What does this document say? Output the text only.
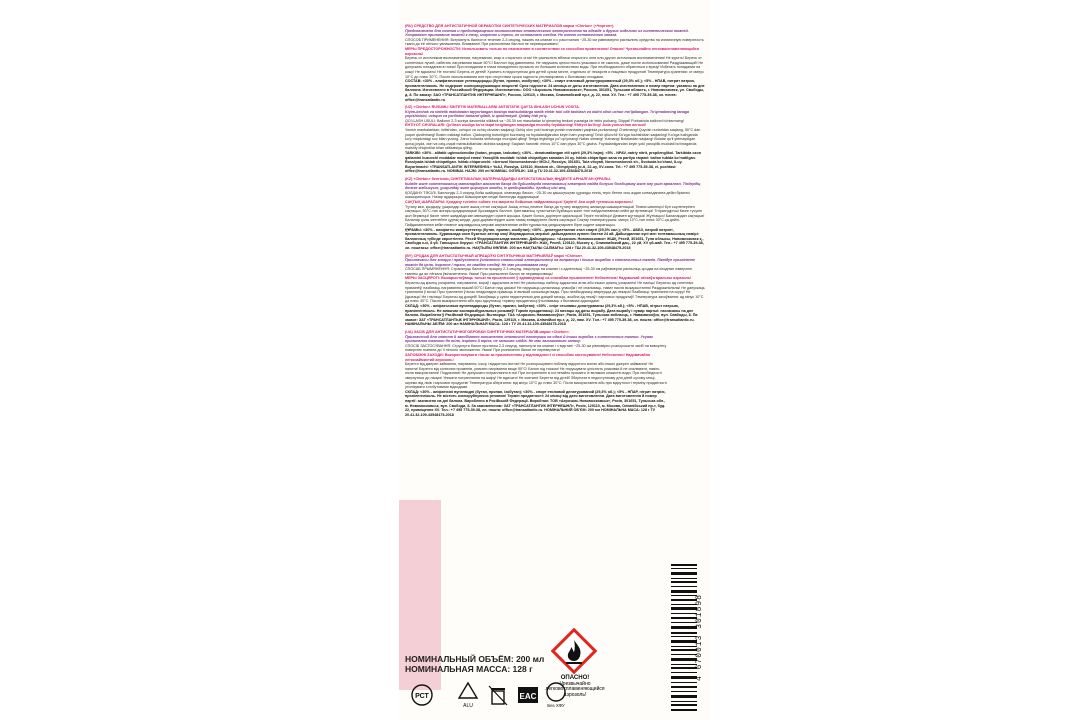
(RU) СРЕДСТВО ДЛЯ АНТИСТАТИЧНОЙ ОБРАБОТКИ СИНТЕТИЧЕСКИХ МАТЕРИАЛОВ марки «Chirton» («Чиртон»).

Предназначено для снятия и предотвращения возникновения статического электричества на одежде и других изделиях из синтетических тканей. Устраняет прилипание тканей к телу, искрение и треск, не оставляет следов. Не имеет остаточного запаха.

СПОСОБ ПРИМЕНЕНИЯ: Встряхнуть баллон в течение 2-3 секунд, нажать на клапан и с расстояния ~25-30 см равномерно распылить средство на изнаночную поверхность ткани до её лёгкого увлажнения. Внимание! При распылении баллон не переворачивать!

МЕРЫ ПРЕДОСТОРОЖНОСТИ: Использовать только по назначению в соответствии со способом применения! Опасно! Чрезвычайно легковоспламеняющийся аэрозоль!

Беречь от источников воспламенения, нагревания, искр и открытого огня! Не распылять вблизи открытого огня или других источников воспламенения! Не курить! Беречь от солнечных лучей, избегать нагревания выше 50°С! Баллон под давлением. Не нарушать целостность упаковки и не сжигать, даже после использования! Раздражающий! Не допускать попадания в глаза! При попадании в глаза немедленно промыть их большим количеством воды. При необходимости обратиться к врачу! Избегать попадания на кожу! Не вдыхать! Не глотать! Беречь от детей! Хранить в недоступном для детей сухом месте, отдельно от лекарств и пищевых продуктов! Температура хранения: от минус 10°С до плюс 30°С. После использования или при отсутствии срока годности утилизировать с бытовыми отходами.

СОСТАВ: <30% - алифатические углеводороды (бутан, пропан, изобутан); <30% - спирт этиловый денатурированный (29,3% об.); <5% - НПАВ, нитрит натрия, пропиленгликоль. Не содержит озоноразрушающих веществ! Срок годности: 24 месяца от даты изготовления. Дата изготовления и номер партии: указаны на дне баллона. Изготовлено в Российской Федерации. Изготовитель: ООО «Аэрозоль Новомосковск», Россия, 301651, Тульская область, г. Новомосковск, ул. Свободы, д. 8. По заказу: ЗАО «ТРАНСАТЛАНТИК ИНТЕРНЕШНЛ», Россия, 129110, г. Москва, Олимпийский пр-т, д. 22, пом. XV. Тел.: +7 495 775-39-38, эл. почта: office@transatlantic.ru

(UZ) «Chirton» RUSUMLI SINTETIK MATERIALLARNI ANTISTATIK QAYTA ISHLASH UCHUN VOSITA.

Kiyim-kechak va sintetik matolardan tayyorlangan boshqa mahsulotlarga statik elektr toki olib tashlash va oldini olish uchun mo'ljallangan. To'qimalarning tanaga yopishishini, uchqun va yorilishni bartaraf qiladi, iz qoldirmaydi. Qoldiq hidi yo'q.

QO'LLASH USULI: Ballonni 2-3 soniya davomida silkitadi va ~25-30 sm masofadan to'qimaning teskari yuzasiga bir tekis purkang. Diqqat! Purkashda ballonni to'ntarmang!

EHTIYOT CHORALARI: Qo'llash usuliga ko'ra faqat belgilangan maqsadga muvofiq foydalaning! Ehtiyot bo'ling! Juda yonuvchan aerozol!

Yonish manbalaridan, isitishdan, uchqun va ochiq olovdan saqlang! Ochiq olov yoki boshqa yonish manbalari yaqinida purkamang! Chekmang! Quyosh nurlaridan saqlang, 50°C dan yuqori qizdirmang! Bosim ostidagi ballon. Qadoqning butunligini buzmang va foydalanilgandan keyin ham yoqmang! Ta'sir qiluvchi! Ko'zga tushishidan saqlaning! Ko'zga tushganda ko'p miqdordagi suv bilan yuving. Zarur hollarda shifokorga murojaat qiling! Teriga tegishiga yo'l qo'ymang! Nafas olmang! Yutmang! Bolalardan saqlang! Bolalar qo'li yetmaydigan quruq joyda, dori va oziq-ovqat mahsulotlaridan alohida saqlang! Saqlash harorati: minus 10°C dan plyus 30°C gacha. Foydalanilgandan keyin yoki yaroqlilik muddati bo'lmaganda maishiy chiqindilar bilan utilizatsiya qiling.

TARKIBI: <30% - alifatik uglevodorodlar (butan, propan, izobutan); <30% - denaturatlangan etil spirti (29,3% hajm); <5% - NPAV, natriy nitrit, propilenglikol. Tarkibida ozon qatlamini buzuvchi moddalar mavjud emas! Yaroqlilik muddati: ishlab chiqarilgan sanadan 24 oy. Ishlab chiqarilgan sana va partiya raqami: ballon tubida ko'rsatilgan. Rossiyada ishlab chiqarilgan. Ishlab chiqaruvchi: «Aerozol Novomoskovsk» MChJ, Rossiya, 301651, Tula viloyati, Novomoskovsk sh., Svoboda ko'chasi, 8-uy. Buyurtmachi: «TRANSATLANTIK INTERNESHNL» YoAJ, Rossiya, 129110, Moskva sh., Olimpiyskiy pr-ti, 22-uy, XV-xona. Tel.: +7 495 775-39-38, el. pochtasi: office@transatlantic.ru. NOMINAL HAJM: 200 ml NOMINAL OG'IRLIK: 128 g TU 20.41.32-109-43548475-2018

(KZ) «Chirton» белгісінің СИНТЕТИКАЛЫҚ МАТЕРИАЛДАРДЫ АНТИСТАТИКАЛЫҚ ӨҢДЕУГЕ АРНАЛҒАН ҚҰРАЛЫ.

Киімде және синтетикалық маталардан жасалған басқа да бұйымдарда статикалық электрлік пайда болуын болдырмау және алу үшін арналған. Тіндердің денеге жабысуын, ұшқындау және қыршуын жояды, із қалдырмайды. Қалдық иісі жоқ.

ҚОЛДАНУ ТӘСІЛІ: Баллонды 2-3 секунд бойы шайқаңыз, клапанды басып, ~25-30 см қашықтықтан құралды тіннің теріс бетіне оны аздап ылғалдағанға дейін біркелкі шашыратыңыз. Назар аударыңыз! Шашыратқан кезде баллонды аудармаңыз!

САҚТЫҚ ШАРАЛАРЫ: Қолдану тәсіліне сәйкес тек мақсаты бойынша пайдаланыңыз! Қауіпті! Аса оңай тұтанғыш аэрозоль!

Тұтану көзі, қыздыру, ұшқындар және ашық оттан сақтаңыз! Ашық оттың немесе басқа да тұтану көздерінің жанында шашыратпаңыз! Темекі шекпеңіз! Күн сәулелерінен сақтаңыз, 50°С-тан жоғары қыздырмаңыз! Қысымдағы баллон. Қаптаманың тұтастығын бұзбаңыз және тіпті пайдаланғаннан кейін де өртемеңіз! Тітіркендіргіш! Көзге түсуіне жол бермеңіз! Көзге тиген жағдайда көп мөлшердегі сумен жуыңыз. Қажет болса, дәрігерге қаралыңыз! Теріге тигізбеңіз! Деммен жұтпаңыз! Жұтпаңыз! Балалардан сақтаңыз! Балалар қолы жетпейтін құрғақ жерде, дәрі-дәрмектерден және тамақ өнімдерінен бөлек сақтаңыз! Сақтау температурасы: минус 10°С-тан плюс 30°С-қа дейін. Пайдаланғаннан кейін немесе жарамдылық мерзімі аяқталғаннан кейін тұрмыстық қалдықтармен бірге кәдеге жаратыңыз.

ҚҰРАМЫ: <30% - алифатты көмірсутектер (бутан, пропан, изобутан); <30% - денатуратталған этил спирті (29,3% көл.); <5% - АББЗ, натрий нитриті, пропиленгликоль. Құрамында озон бұзатын заттар жоқ! Жарамдылық мерзімі: дайындалған күннен бастап 24 ай. Дайындалған күні мен топтамасының нөмірі: баллонның түбінде көрсетілген. Ресей Федерациясында жасалған. Дайындаушы: «Аэрозоль Новомосковск» ЖШҚ, Ресей, 301651, Тула облысы, Новомосковск қ., Свобода к-сі, 8 үй. Тапсырыс беруші: «ТРАНСАТЛАНТИК ИНТЕРНЕШНЛ» ЖАҚ, Ресей, 129110, Мәскеу қ., Олимпийский даң., 22 үй, XV үй-жай. Тел.: +7 495 775-39-38, эл. поштасы: office@transatlantic.ru. НАҚТЫЛЫ КӨЛЕМІ: 200 мл НАҚТЫЛЫ САЛМАҒЫ: 128 г ТШ 20.41.32-109-43548475-2018

(BY) СРОДАК ДЛЯ АНТЫСТАТЫЧНАЙ АПРАЦОЎКІ СІНТЭТЫЧНЫХ МАТЭРЫЯЛАЎ маркі «Chirton».

Прызначаны для зняцця і прадухілення ўзнікнення статычнай электрычнасці на вопратцы і іншых вырабах з сінтэтычных тканін. Ліквідуе прыліпанне тканін да цела, іскрэнне і трэск, не пакідае следаў. Не мае рэшткавага паху.

СПОСАБ ПРЫМЯНЕННЯ: Страсянуць балон на працягу 2-3 секунд, націснуць на клапан і з адлегласці ~25-30 см раўнамерна распыліць сродак на сподняю паверхню тканіны да яе лёгкага ўвільгатнення. Увага! Пры распыленні балон не пераварочваць!

МЕРЫ ЗАСЦЯРОГІ: Выкарыстоўваць толькі па прызначэнні ў адпаведнасці са спосабам прымянення! Небяспечна! Надзвычай лёгкаўзгаральны аэразоль!

Берагчы ад крыніц узгарання, награвання, іскраў і адкрытага агню! Не распыляць паблізу адкрытага агню або іншых крыніц узгарання! Не паліць! Берагчы ад сонечных прамянёў, пазбягаць награвання вышэй 50°С! Балон пад ціскам! Не парушаць цэласнасць упакоўкі і не спальваць, нават пасля выкарыстання! Раздражняльны! Не дапускаць трапляння ў вочы! Пры трапленні ў вочы неадкладна прамыць іх вялікай колькасцю вады. Пры неабходнасці звярнуцца да лекара! Пазбягаць трапляння на скуру! Не ўдыхаць! Не глытаць! Берагчы ад дзяцей! Захоўваць у сухім недаступным для дзяцей месцы, асобна ад лекаў і харчовых прадуктаў! Тэмпература захоўвання: ад мінус 10°С да плюс 30°С. Пасля выкарыстання або пры адсутнасці тэрміну прыдатнасці ўтылізаваць з бытавымі адыходамі.

СКЛАД: <30% - аліфатычныя вуглевадароды (бутан, прапан, ізабутан); <30% - спірт этылавы дэнатураваны (29,3% аб.); <5% - НПАВ, нітрыт натрыю, прапіленгліколь. Не змяшчае азонаразбуральных рэчываў! Тэрмін прыдатнасці: 24 месяцы ад даты вырабу. Дата вырабу і нумар партыі: пазначаны на дне балона. Выраблена ў Расійскай Федэрацыі. Вытворца: ТАА «Аэразоль Навамаскоўск», Расія, 301651, Тульская вобласць, г. Навамаскоўск, вул. Свабоды, 8. Па заказе: ЗАТ «ТРАНСАТЛАНТЫК ІНТЭРНЭШНЛ», Расія, 129110, г. Масква, Алімпійскі пр-т, д. 22, пам. XV. Тэл.: +7 495 775-39-38, эл. пошта: office@transatlantic.ru. НАМІНАЛЬНЫ АБ'ЁМ: 200 мл НАМІНАЛЬНАЯ МАСА: 128 г ТУ 20.41.32-109-43548475-2018

(UA) ЗАСІБ ДЛЯ АНТИСТАТИЧНОЇ ОБРОБКИ СИНТЕТИЧНИХ МАТЕРІАЛІВ марки «Chirton».

Призначений для зняття й запобігання виникненню статичної електрики на одязі й інших виробах з синтетичних тканин. Усуває прилипання тканини до тіла, іскріння й тріск, не залишає слідів. Не має залишкового запаху.

СПОСІБ ЗАСТОСУВАННЯ: Струснути балон протягом 2-3 секунд, натиснути на клапан і з відстані ~25-30 см рівномірно розпорошити засіб на виворітну поверхню тканини до її легкого зволоження. Увага! При розпиленні балон не перевертати!

ЗАПОБІЖНІ ЗАХОДИ: Використовувати тільки за призначенням у відповідності зі способом застосування! Небезпечно! Надзвичайно легкозаймистий аерозоль!

Берегти від джерел займання, нагрівання, іскор і відкритого вогню! Не розпорошувати поблизу відкритого вогню або інших джерел займання! Не палити! Берегти від сонячних променів, уникати нагрівання вище 50°С! Балон під тиском! Не порушувати цілісність упаковки й не спалювати, навіть після використання! Подразнює! Не допускати потрапляння в очі! При потраплянні в очі негайно промити їх великою кількістю води. При необхідності звернутися до лікаря! Уникати потрапляння на шкіру! Не вдихати! Не ковтати! Берегти від дітей! Зберігати в недоступному для дітей сухому місці, окремо від ліків і харчових продуктів! Температура зберігання: від мінус 10°С до плюс 30°С. Після використання або при відсутності терміну придатності утилізувати з побутовими відходами.

СКЛАД: <30% - аліфатичні вуглеводні (бутан, пропан, ізобутан); <30% - спирт етиловий денатурований (29,3% об.); <5% - НПАР, нітрит натрію, пропіленгліколь. Не містить озоноруйнуючих речовин! Термін придатності: 24 місяці від дати виготовлення. Дата виготовлення й номер партії: зазначено на дні балона. Вироблено в Російській Федерації. Виробник: ТОВ «Аерозоль Новомосковськ», Росія, 301651, Тульська обл., м. Новомосковськ, вул. Свободи, 8. За замовленням: ЗАТ «ТРАНСАТЛАНТИК ІНТЕРНЕШНЛ», Росія, 129110, м. Москва, Олімпійський пр-т, буд. 22, приміщення XV. Тел.: +7 495 775-39-38, ел. пошта: office@transatlantic.ru. НОМІНАЛЬНИЙ ОБ'ЄМ: 200 мл НОМІНАЛЬНА МАСА: 128 г ТУ 20.41.32-109-43548475-2018

НОМИНАЛЬНЫЙ ОБЪЁМ: 200 мл
НОМИНАЛЬНАЯ МАССА: 128 г
ОПАСНО!
Чрезвычайно легковоспламеняющийся аэрозоль!
РСТ
ALU
EAC
Без ХФУ
4 670013 301898
